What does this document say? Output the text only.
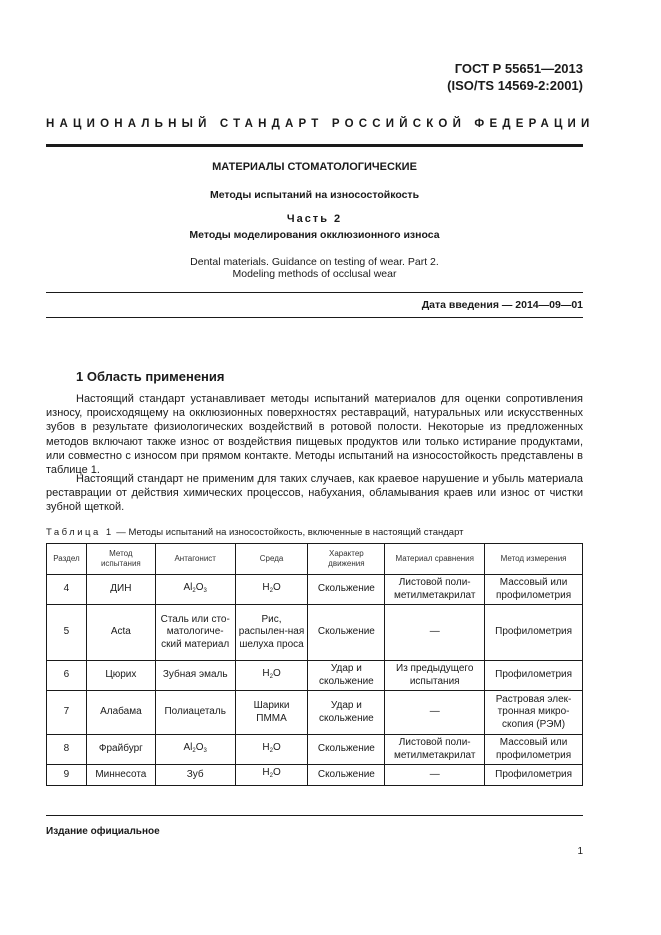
ГОСТ Р 55651—2013
(ISO/TS 14569-2:2001)
НАЦИОНАЛЬНЫЙ СТАНДАРТ РОССИЙСКОЙ ФЕДЕРАЦИИ
МАТЕРИАЛЫ СТОМАТОЛОГИЧЕСКИЕ
Методы испытаний на износостойкость
Часть 2
Методы моделирования окклюзионного износа
Dental materials. Guidance on testing of wear. Part 2.
Modeling methods of occlusal wear
Дата введения — 2014—09—01
1 Область применения
Настоящий стандарт устанавливает методы испытаний материалов для оценки сопротивления износу, происходящему на окклюзионных поверхностях реставраций, натуральных или искусственных зубов в результате физиологических воздействий в ротовой полости. Некоторые из предложенных методов включают также износ от воздействия пищевых продуктов или только истирание продуктами, или совместно с износом при прямом контакте. Методы испытаний на износостойкость представлены в таблице 1.
Настоящий стандарт не применим для таких случаев, как краевое нарушение и убыль материала реставрации от действия химических процессов, набухания, обламывания краев или износ от чистки зубной щеткой.
Таблица 1 — Методы испытаний на износостойкость, включенные в настоящий стандарт
Раздел	Метод испытания	Антагонист	Среда	Характер движения	Материал сравнения	Метод измерения
4	ДИН	$Al_2O_3$	$H_2O$	Скольжение	Листовой поли-метилметакрилат	Массовый или профилометрия
5	Acta	Сталь или сто-матологиче-ский материал	Рис, распылен-ная шелуха проса	Скольжение	—	Профилометрия
6	Цюрих	Зубная эмаль	$H_2O$	Удар и скольжение	Из предыдущего испытания	Профилометрия
7	Алабама	Полиацеталь	Шарики ПММА	Удар и скольжение	—	Растровая элек-тронная микро-скопия (РЭМ)
8	Фрайбург	$Al_2O_3$	$H_2O$	Скольжение	Листовой поли-метилметакрилат	Массовый или профилометрия
9	Миннесота	Зуб	$H_2O$	Скольжение	—	Профилометрия
Издание официальное
1
